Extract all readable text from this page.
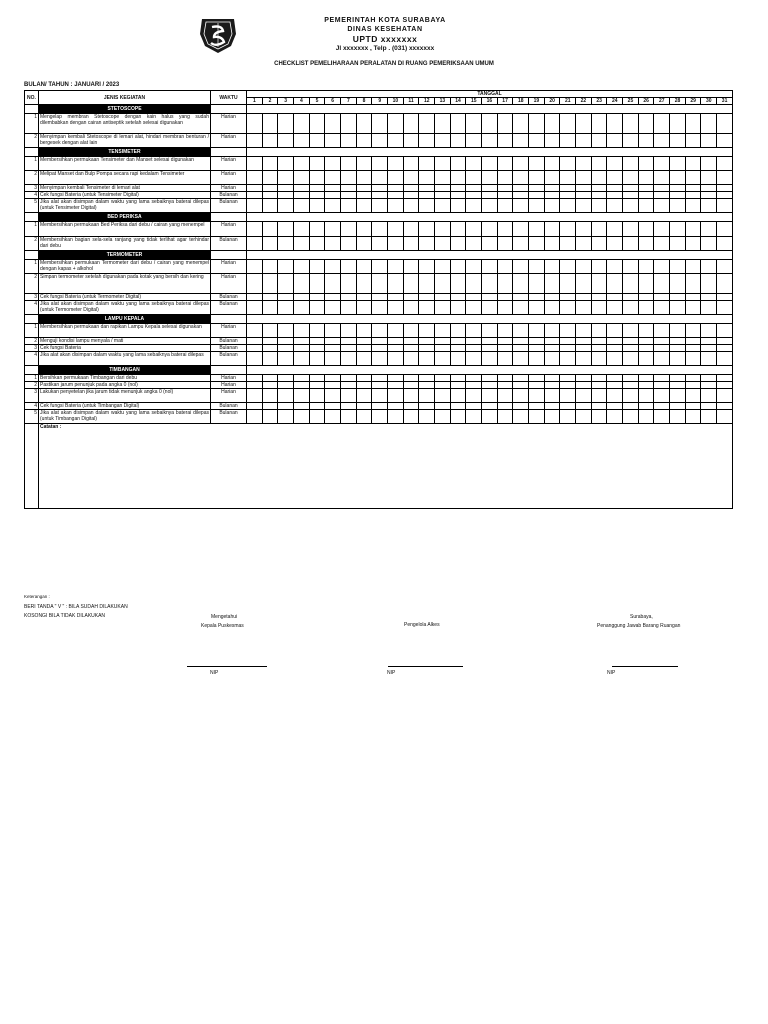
PEMERINTAH KOTA SURABAYA
DINAS KESEHATAN
UPTD xxxxxxx
Jl xxxxxxx , Telp . (031) xxxxxxx
CHECKLIST PEMELIHARAAN PERALATAN DI RUANG PEMERIKSAAN UMUM
BULAN/ TAHUN : JANUARI / 2023
NO.	JENIS KEGIATAN	WAKTU	TANGGAL																														
			1	2	3	4	5	6	7	8	9	10	11	12	13	14	15	16	17	18	19	20	21	22	23	24	25	26	27	28	29	30	31
	STETOSCOPE																																
1	Mengelap membran Stetoscope dengan kain halus yang sudah dilembabkan dengan cairan antiseptik setelah selesai digunakan	Harian																															
2	Menyimpan kembali Stetoscope di lemari alat, hindari membran benturan / bergesek dengan alat lain	Harian																															
	TENSIMETER																																
1	Membersihkan permukaan Tensimeter dan Manset selesai digunakan	Harian																															
2	Melipat Manset dan Bulp Pompa secara rapi kedalam Tensimeter	Harian																															
3	Menyimpan kembali Tensimeter di lemari alat	Harian																															
4	Cek fungsi Bateria (untuk Tensimeter Digital)	Bulanan																															
5	Jika alat akan disimpan dalam waktu yang lama sebaiknya baterai dilepas (untuk Tensimeter Digital)	Bulanan																															
	BED PERIKSA																																
1	Membersihkan permukaan Bed Periksa dari debu / cairan yang menempel	Harian																															
2	Membersihkan bagian sela-sela ranjang yang tidak terlihat agar terhindar dari debu	Bulanan																															
	TERMOMETER																																
1	Membersihkan permukaan Termometer dari debu / cairan yang menempel dengan kapas + alkohol	Harian																															
2	Simpan termometer setelah digunakan pada kotak yang bersih dan kering	Harian																															
3	Cek fungsi Bateria (untuk Termometer Digital)	Bulanan																															
4	Jika alat akan disimpan dalam waktu yang lama sebaiknya baterai dilepas (untuk Termometer Digital)	Bulanan																															
	LAMPU KEPALA																																
1	Membersihkan permukaan dan rapikan Lampu Kepala selesai digunakan	Harian																															
2	Menguji kondisi lampu menyala / mati	Bulanan																															
3	Cek fungsi Bateria	Bulanan																															
4	Jika alat akan disimpan dalam waktu yang lama sebaiknya baterai dilepas	Bulanan																															
	TIMBANGAN																																
1	Bersihkan permukaan Timbangan dari debu	Harian																															
2	Pastikan jarum penunjuk pada angka 0 (nol)	Harian																															
3	Lakukan penyetelan jika jarum tidak menunjuk angka 0 (nol)	Harian																															
4	Cek fungsi Bateria (untuk Timbangan Digital)	Bulanan																															
5	Jika alat akan disimpan dalam waktu yang lama sebaiknya baterai dilepas (untuk Timbangan Digital)	Bulanan																															
	Catatan :																																
Keterangan :
BERI TANDA " V " : BILA SUDAH DILAKUKAN
KOSONGI BILA TIDAK DILAKUKAN	Mengetahui
Kepala Puskesmas	Pengelola Alkes
Surabaya,
Penanggung Jawab Barang Ruangan
NIP	NIP	NIP
